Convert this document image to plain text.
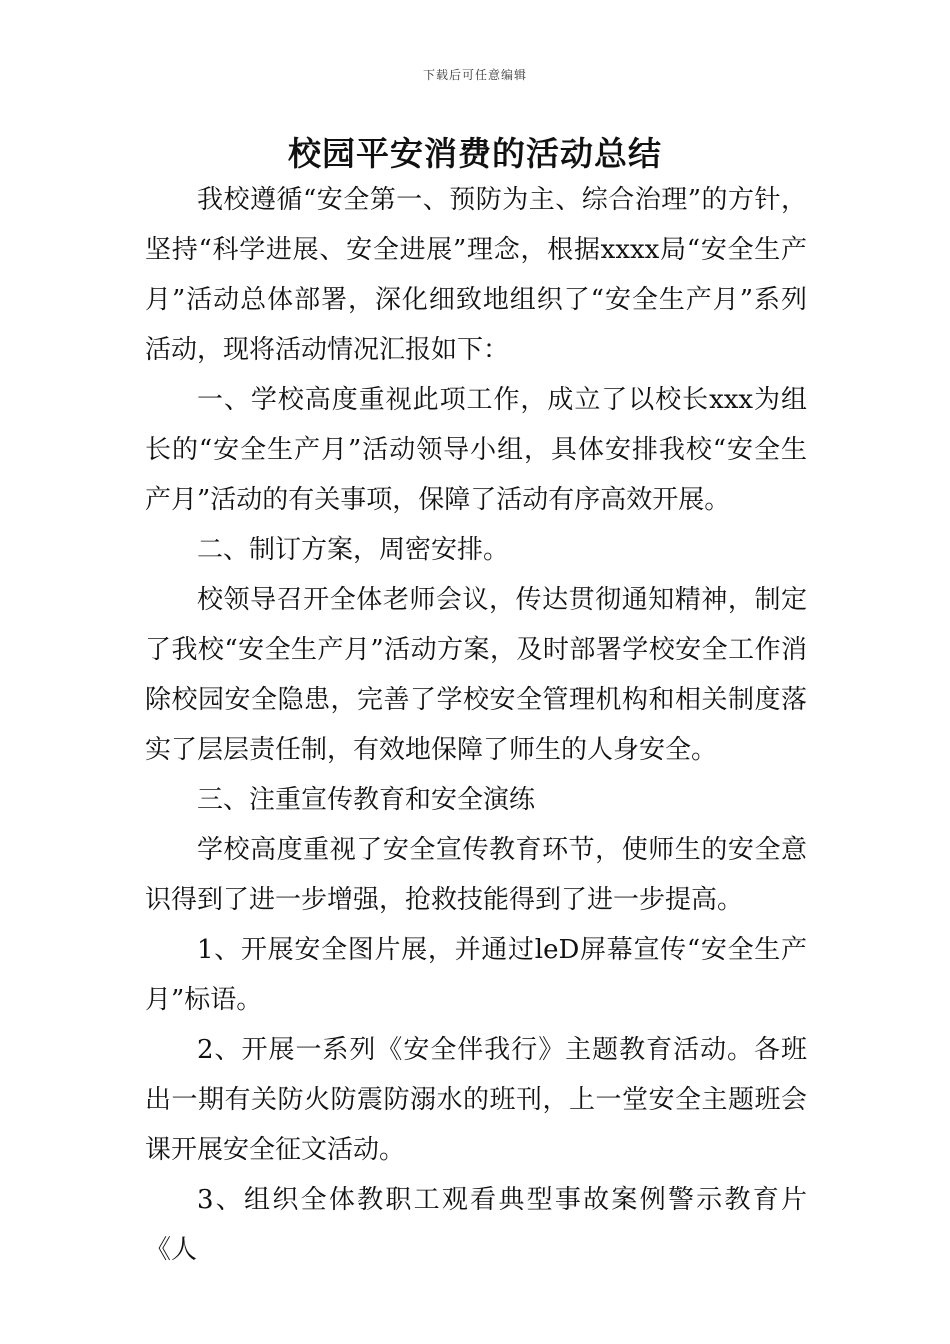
下载后可任意编辑
校园平安消费的活动总结

我校遵循“安全第一、预防为主、综合治理”的方针，坚持“科学进展、安全进展”理念，根据xxxx局“安全生产月”活动总体部署，深化细致地组织了“安全生产月”系列活动，现将活动情况汇报如下：

一、学校高度重视此项工作，成立了以校长xxx为组长的“安全生产月”活动领导小组，具体安排我校“安全生产月”活动的有关事项，保障了活动有序高效开展。

二、制订方案，周密安排。

校领导召开全体老师会议，传达贯彻通知精神，制定了我校“安全生产月”活动方案，及时部署学校安全工作消除校园安全隐患，完善了学校安全管理机构和相关制度落实了层层责任制，有效地保障了师生的人身安全。

三、注重宣传教育和安全演练

学校高度重视了安全宣传教育环节，使师生的安全意识得到了进一步增强，抢救技能得到了进一步提高。

1、开展安全图片展，并通过leD屏幕宣传“安全生产月”标语。

2、开展一系列《安全伴我行》主题教育活动。各班出一期有关防火防震防溺水的班刊，上一堂安全主题班会课开展安全征文活动。

3、组织全体教职工观看典型事故案例警示教育片《人
